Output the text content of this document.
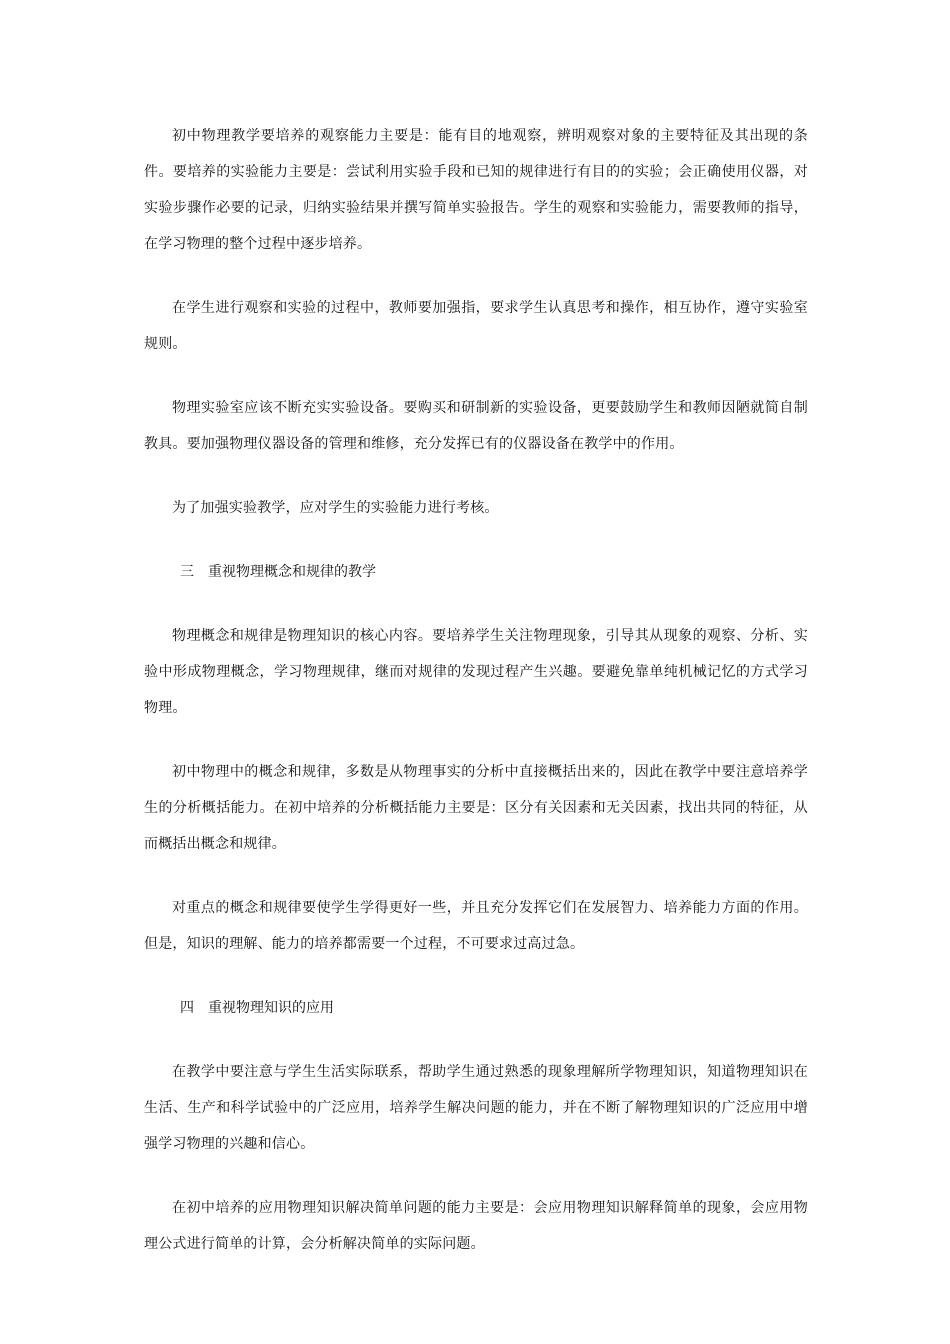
初中物理教学要培养的观察能力主要是：能有目的地观察，辨明观察对象的主要特征及其出现的条件。要培养的实验能力主要是：尝试利用实验手段和已知的规律进行有目的的实验；会正确使用仪器，对实验步骤作必要的记录，归纳实验结果并撰写简单实验报告。学生的观察和实验能力，需要教师的指导，在学习物理的整个过程中逐步培养。

在学生进行观察和实验的过程中，教师要加强指，要求学生认真思考和操作，相互协作，遵守实验室规则。

物理实验室应该不断充实实验设备。要购买和研制新的实验设备，更要鼓励学生和教师因陋就简自制教具。要加强物理仪器设备的管理和维修，充分发挥已有的仪器设备在教学中的作用。

为了加强实验教学，应对学生的实验能力进行考核。

三　重视物理概念和规律的教学

物理概念和规律是物理知识的核心内容。要培养学生关注物理现象，引导其从现象的观察、分析、实验中形成物理概念，学习物理规律，继而对规律的发现过程产生兴趣。要避免靠单纯机械记忆的方式学习物理。

初中物理中的概念和规律，多数是从物理事实的分析中直接概括出来的，因此在教学中要注意培养学生的分析概括能力。在初中培养的分析概括能力主要是：区分有关因素和无关因素，找出共同的特征，从而概括出概念和规律。

对重点的概念和规律要使学生学得更好一些，并且充分发挥它们在发展智力、培养能力方面的作用。但是，知识的理解、能力的培养都需要一个过程，不可要求过高过急。

四　重视物理知识的应用

在教学中要注意与学生生活实际联系，帮助学生通过熟悉的现象理解所学物理知识，知道物理知识在生活、生产和科学试验中的广泛应用，培养学生解决问题的能力，并在不断了解物理知识的广泛应用中增强学习物理的兴趣和信心。

在初中培养的应用物理知识解决简单问题的能力主要是：会应用物理知识解释简单的现象，会应用物理公式进行简单的计算，会分析解决简单的实际问题。
